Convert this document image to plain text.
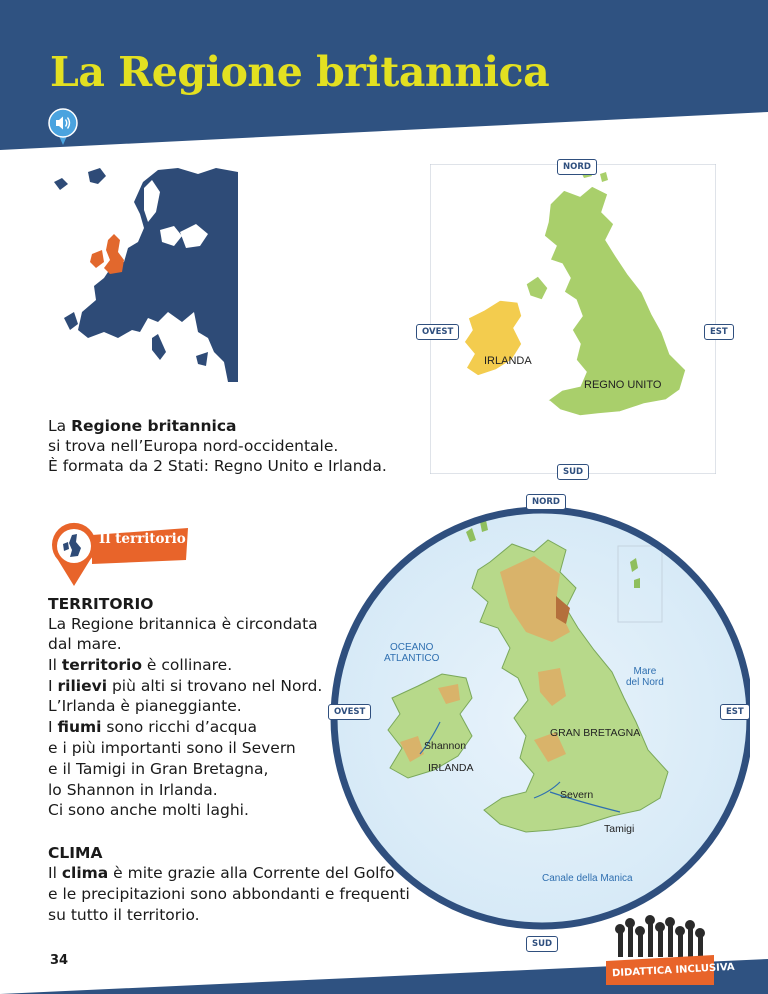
La Regione britannica
NORD
SUD
OVEST	EST
IRLANDA
REGNO UNITO
La Regione britannica
si trova nell’Europa nord-occidentale.
È formata da 2 Stati: Regno Unito e Irlanda.
Il territorio
TERRITORIO
La Regione britannica è circondata
dal mare.
Il territorio è collinare.
I rilievi più alti si trovano nel Nord.
L’Irlanda è pianeggiante.
I fiumi sono ricchi d’acqua
e i più importanti sono il Severn
e il Tamigi in Gran Bretagna,
lo Shannon in Irlanda.
Ci sono anche molti laghi.
CLIMA
Il clima è mite grazie alla Corrente del Golfo
e le precipitazioni sono abbondanti e frequenti
su tutto il territorio.
NORD
SUD
OVEST	EST
OCEANO
ATLANTICO
Mare
del Nord
Canale della Manica
GRAN BRETAGNA
IRLANDA
Shannon
Severn
Tamigi
34
DIDATTICA INCLUSIVA
